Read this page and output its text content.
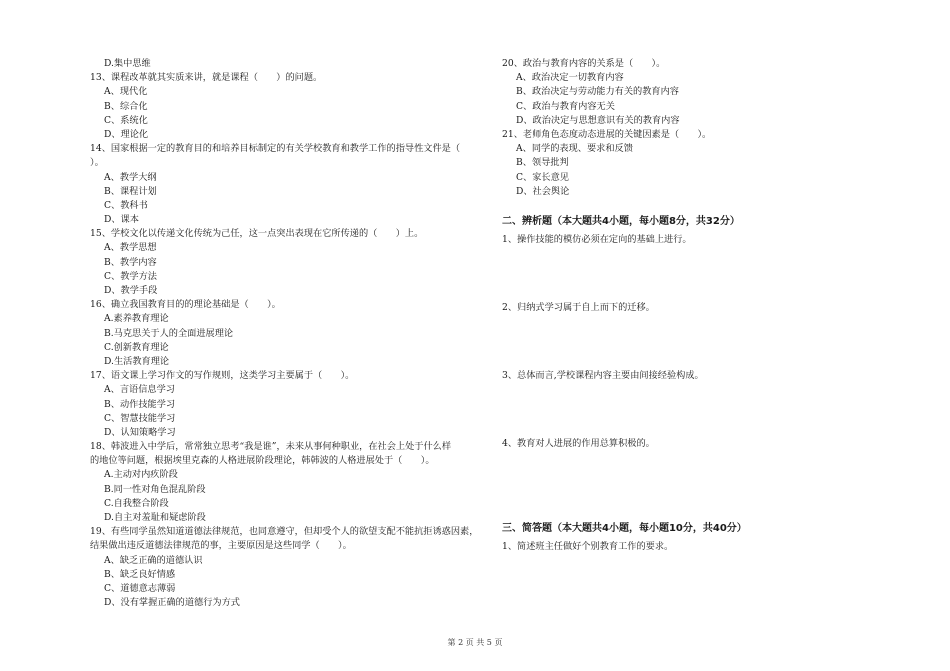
D.集中思维
13、课程改革就其实质来讲，就是课程（　　）的问题。
A、现代化
B、综合化
C、系统化
D、理论化
14、国家根据一定的教育目的和培养目标制定的有关学校教育和教学工作的指导性文件是（
）。
A、教学大纲
B、课程计划
C、教科书
D、课本
15、学校文化以传递文化传统为己任，这一点突出表现在它所传递的（　　）上。
A、教学思想
B、教学内容
C、教学方法
D、教学手段
16、确立我国教育目的的理论基础是（　　）。
A.素养教育理论
B.马克思关于人的全面进展理论
C.创新教育理论
D.生活教育理论
17、语文课上学习作文的写作规则，这类学习主要属于（　　）。
A、言语信息学习
B、动作技能学习
C、智慧技能学习
D、认知策略学习
18、韩波进入中学后，常常独立思考“我是谁”，未来从事何种职业，在社会上处于什么样
的地位等问题，根据埃里克森的人格进展阶段理论，韩韩波的人格进展处于（　　）。
A.主动对内疚阶段
B.同一性对角色混乱阶段
C.自我整合阶段
D.自主对羞耻和疑虑阶段
19、有些同学虽然知道道德法律规范，也同意遵守，但却受个人的欲望支配不能抗拒诱惑因素，
结果做出违反道德法律规范的事，主要原因是这些同学（　　）。
A、缺乏正确的道德认识
B、缺乏良好情感
C、道德意志薄弱
D、没有掌握正确的道德行为方式
20、政治与教育内容的关系是（　　）。
A、政治决定一切教育内容
B、政治决定与劳动能力有关的教育内容
C、政治与教育内容无关
D、政治决定与思想意识有关的教育内容
21、老师角色态度动态进展的关键因素是（　　）。
A、同学的表现、要求和反馈
B、领导批判
C、家长意见
D、社会舆论
二、辨析题（本大题共4小题，每小题8分，共32分）
1、操作技能的模仿必须在定向的基础上进行。
2、归纳式学习属于自上而下的迁移。
3、总体而言,学校课程内容主要由间接经验构成。
4、教育对人进展的作用总算积极的。
三、简答题（本大题共4小题，每小题10分，共40分）
1、简述班主任做好个别教育工作的要求。
第 2 页 共 5 页
